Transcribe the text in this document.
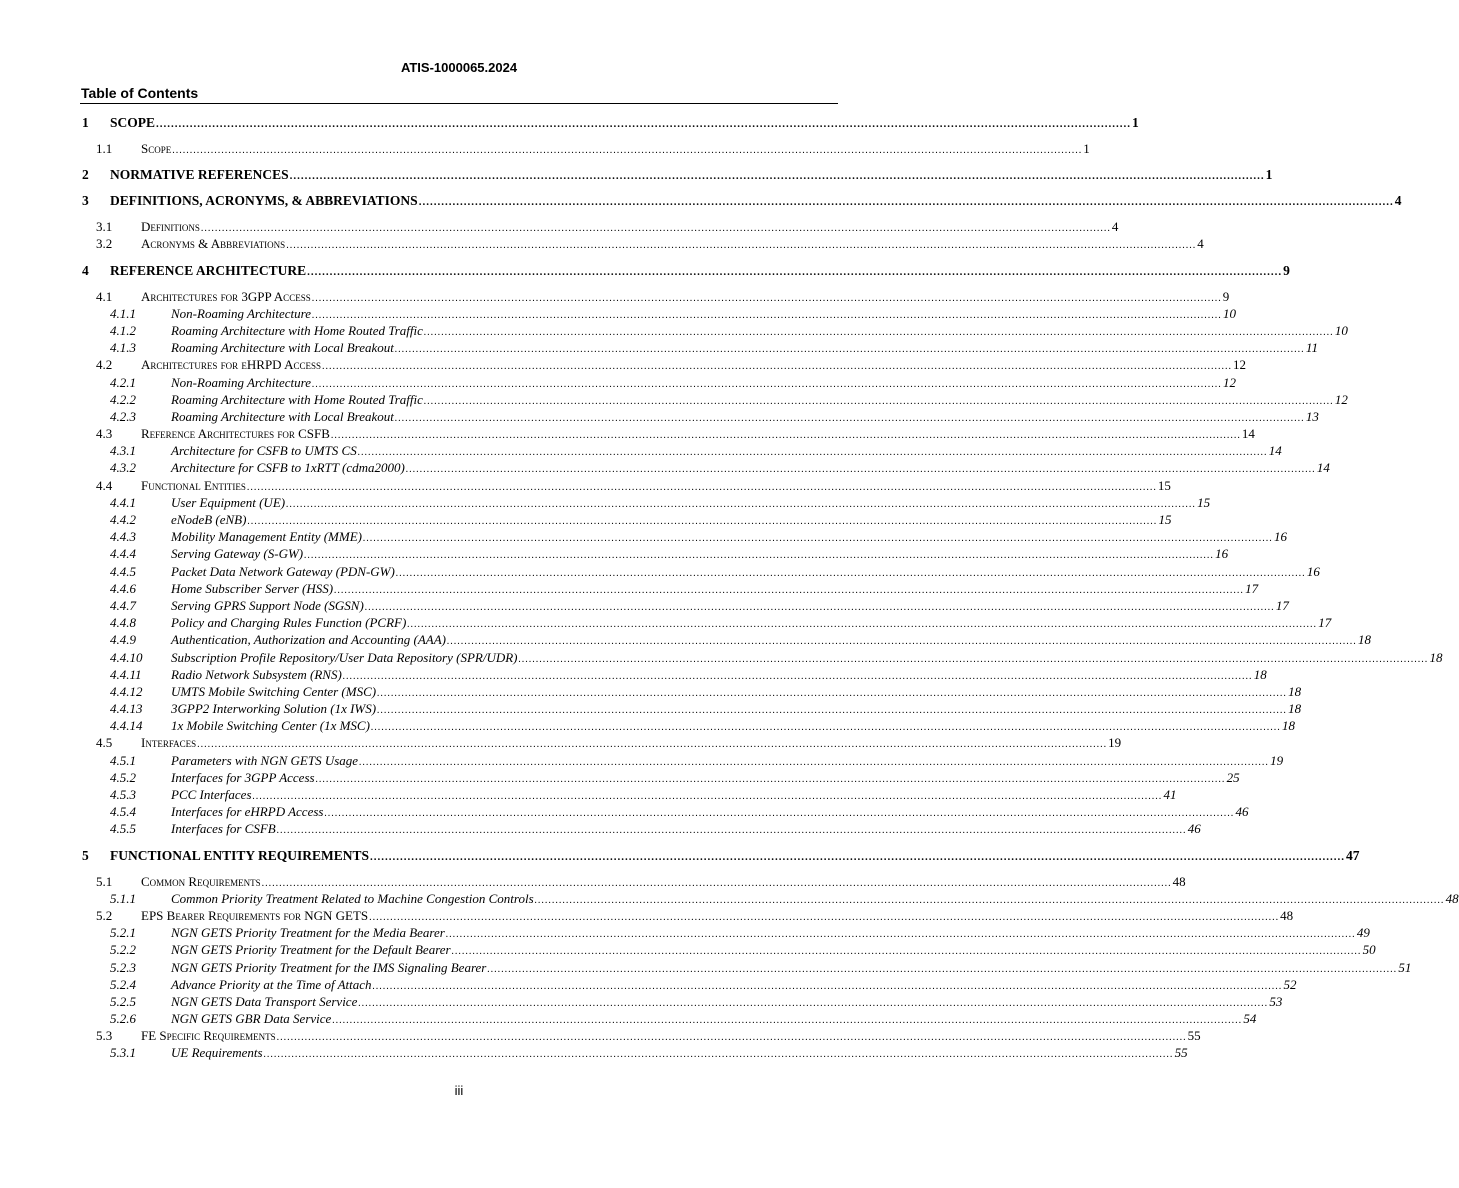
ATIS-1000065.2024
Table of Contents
1 SCOPE .................................................................................................................................................................................................................................................................... 1
1.1 Scope .................................................................................................................................................................................................................................................................... 1
2 NORMATIVE REFERENCES .................................................................................................................................................................................................................................................................... 1
3 DEFINITIONS, ACRONYMS, & ABBREVIATIONS .................................................................................................................................................................................................................................................................... 4
3.1 Definitions .................................................................................................................................................................................................................................................................... 4
3.2 Acronyms & Abbreviations .................................................................................................................................................................................................................................................................... 4
4 REFERENCE ARCHITECTURE .................................................................................................................................................................................................................................................................... 9
4.1 Architectures for 3GPP Access .................................................................................................................................................................................................................................................................... 9
4.1.1	Non-Roaming Architecture .................................................................................................................................................................................................................................................................... 10
4.1.2	Roaming Architecture with Home Routed Traffic .................................................................................................................................................................................................................................................................... 10
4.1.3	Roaming Architecture with Local Breakout .................................................................................................................................................................................................................................................................... 11
4.2 Architectures for eHRPD Access .................................................................................................................................................................................................................................................................... 12
4.2.1	Non-Roaming Architecture .................................................................................................................................................................................................................................................................... 12
4.2.2	Roaming Architecture with Home Routed Traffic .................................................................................................................................................................................................................................................................... 12
4.2.3	Roaming Architecture with Local Breakout .................................................................................................................................................................................................................................................................... 13
4.3 Reference Architectures for CSFB .................................................................................................................................................................................................................................................................... 14
4.3.1	Architecture for CSFB to UMTS CS .................................................................................................................................................................................................................................................................... 14
4.3.2	Architecture for CSFB to 1xRTT (cdma2000) .................................................................................................................................................................................................................................................................... 14
4.4 Functional Entities .................................................................................................................................................................................................................................................................... 15
4.4.1	User Equipment (UE) .................................................................................................................................................................................................................................................................... 15
4.4.2	eNodeB (eNB) .................................................................................................................................................................................................................................................................... 15
4.4.3	Mobility Management Entity (MME) .................................................................................................................................................................................................................................................................... 16
4.4.4	Serving Gateway (S-GW) .................................................................................................................................................................................................................................................................... 16
4.4.5	Packet Data Network Gateway (PDN-GW) .................................................................................................................................................................................................................................................................... 16
4.4.6	Home Subscriber Server (HSS) .................................................................................................................................................................................................................................................................... 17
4.4.7	Serving GPRS Support Node (SGSN) .................................................................................................................................................................................................................................................................... 17
4.4.8	Policy and Charging Rules Function (PCRF) .................................................................................................................................................................................................................................................................... 17
4.4.9	Authentication, Authorization and Accounting (AAA) .................................................................................................................................................................................................................................................................... 18
4.4.10 Subscription Profile Repository/User Data Repository (SPR/UDR) .................................................................................................................................................................................................................................................................... 18
4.4.11 Radio Network Subsystem (RNS) .................................................................................................................................................................................................................................................................... 18
4.4.12 UMTS Mobile Switching Center (MSC) .................................................................................................................................................................................................................................................................... 18
4.4.13 3GPP2 Interworking Solution (1x IWS) .................................................................................................................................................................................................................................................................... 18
4.4.14 1x Mobile Switching Center (1x MSC) .................................................................................................................................................................................................................................................................... 18
4.5 Interfaces .................................................................................................................................................................................................................................................................... 19
4.5.1	Parameters with NGN GETS Usage .................................................................................................................................................................................................................................................................... 19
4.5.2	Interfaces for 3GPP Access .................................................................................................................................................................................................................................................................... 25
4.5.3	PCC Interfaces .................................................................................................................................................................................................................................................................... 41
4.5.4	Interfaces for eHRPD Access .................................................................................................................................................................................................................................................................... 46
4.5.5	Interfaces for CSFB .................................................................................................................................................................................................................................................................... 46
5 FUNCTIONAL ENTITY REQUIREMENTS .................................................................................................................................................................................................................................................................... 47
5.1 Common Requirements .................................................................................................................................................................................................................................................................... 48
5.1.1	Common Priority Treatment Related to Machine Congestion Controls .................................................................................................................................................................................................................................................................... 48
5.2 EPS Bearer Requirements for NGN GETS .................................................................................................................................................................................................................................................................... 48
5.2.1	NGN GETS Priority Treatment for the Media Bearer .................................................................................................................................................................................................................................................................... 49
5.2.2	NGN GETS Priority Treatment for the Default Bearer .................................................................................................................................................................................................................................................................... 50
5.2.3	NGN GETS Priority Treatment for the IMS Signaling Bearer .................................................................................................................................................................................................................................................................... 51
5.2.4	Advance Priority at the Time of Attach .................................................................................................................................................................................................................................................................... 52
5.2.5	NGN GETS Data Transport Service .................................................................................................................................................................................................................................................................... 53
5.2.6	NGN GETS GBR Data Service .................................................................................................................................................................................................................................................................... 54
5.3 FE Specific Requirements .................................................................................................................................................................................................................................................................... 55
5.3.1	UE Requirements .................................................................................................................................................................................................................................................................... 55
iii
